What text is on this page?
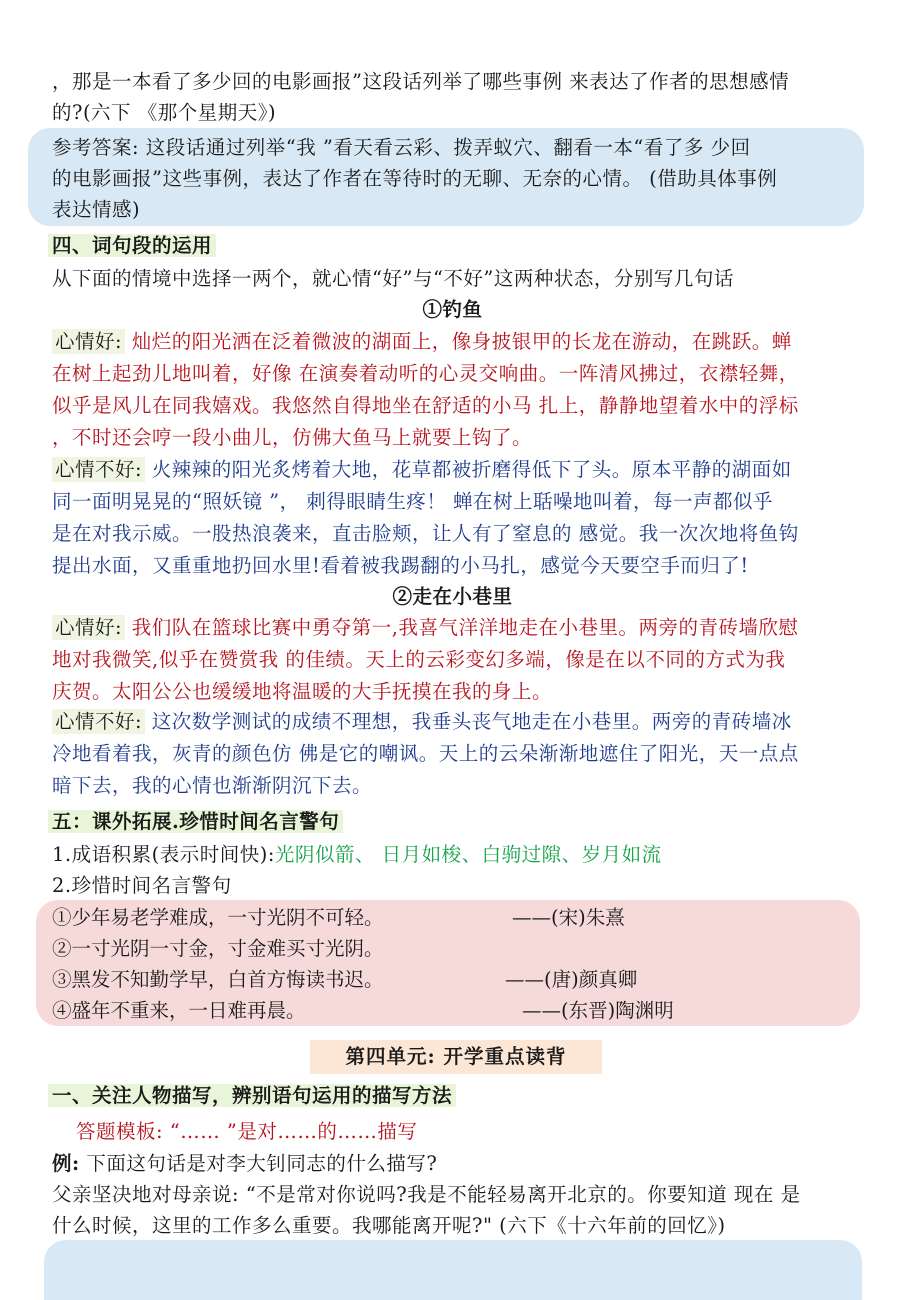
，那是一本看了多少回的电影画报”这段话列举了哪些事例 来表达了作者的思想感情
的?(六下 《那个星期天》)
参考答案: 这段话通过列举“我 ”看天看云彩、拨弄蚁穴、翻看一本“看了多 少回
的电影画报”这些事例，表达了作者在等待时的无聊、无奈的心情。 (借助具体事例
表达情感)
四、词句段的运用
从下面的情境中选择一两个，就心情“好”与“不好”这两种状态，分别写几句话
①钓鱼
心情好: 灿烂的阳光洒在泛着微波的湖面上，像身披银甲的长龙在游动，在跳跃。蝉
在树上起劲儿地叫着，好像 在演奏着动听的心灵交响曲。一阵清风拂过，衣襟轻舞，
似乎是风儿在同我嬉戏。我悠然自得地坐在舒适的小马 扎上，静静地望着水中的浮标
，不时还会哼一段小曲儿，仿佛大鱼马上就要上钩了。
心情不好: 火辣辣的阳光炙烤着大地，花草都被折磨得低下了头。原本平静的湖面如
同一面明晃晃的“照妖镜 ”， 刺得眼睛生疼！ 蝉在树上聒噪地叫着，每一声都似乎
是在对我示威。一股热浪袭来，直击脸颊，让人有了窒息的 感觉。我一次次地将鱼钩
提出水面，又重重地扔回水里!看着被我踢翻的小马扎，感觉今天要空手而归了!
②走在小巷里
心情好: 我们队在篮球比赛中勇夺第一,我喜气洋洋地走在小巷里。两旁的青砖墙欣慰
地对我微笑,似乎在赞赏我 的佳绩。天上的云彩变幻多端，像是在以不同的方式为我
庆贺。太阳公公也缓缓地将温暖的大手抚摸在我的身上。
心情不好: 这次数学测试的成绩不理想，我垂头丧气地走在小巷里。两旁的青砖墙冰
冷地看着我，灰青的颜色仿 佛是它的嘲讽。天上的云朵渐渐地遮住了阳光，天一点点
暗下去，我的心情也渐渐阴沉下去。
五：课外拓展.珍惜时间名言警句
1.成语积累(表示时间快):光阴似箭、 日月如梭、白驹过隙、岁月如流
2.珍惜时间名言警句
①少年易老学难成，一寸光阴不可轻。	——(宋)朱熹
②一寸光阴一寸金，寸金难买寸光阴。
③黑发不知勤学早，白首方悔读书迟。	——(唐)颜真卿
④盛年不重来，一日难再晨。	——(东晋)陶渊明
第四单元: 开学重点读背
一、关注人物描写，辨别语句运用的描写方法
答题模板: “…… ”是对……的……描写
例: 下面这句话是对李大钊同志的什么描写?
父亲坚决地对母亲说: “不是常对你说吗?我是不能轻易离开北京的。你要知道 现在 是
什么时候，这里的工作多么重要。我哪能离开呢?" (六下《十六年前的回忆》)
